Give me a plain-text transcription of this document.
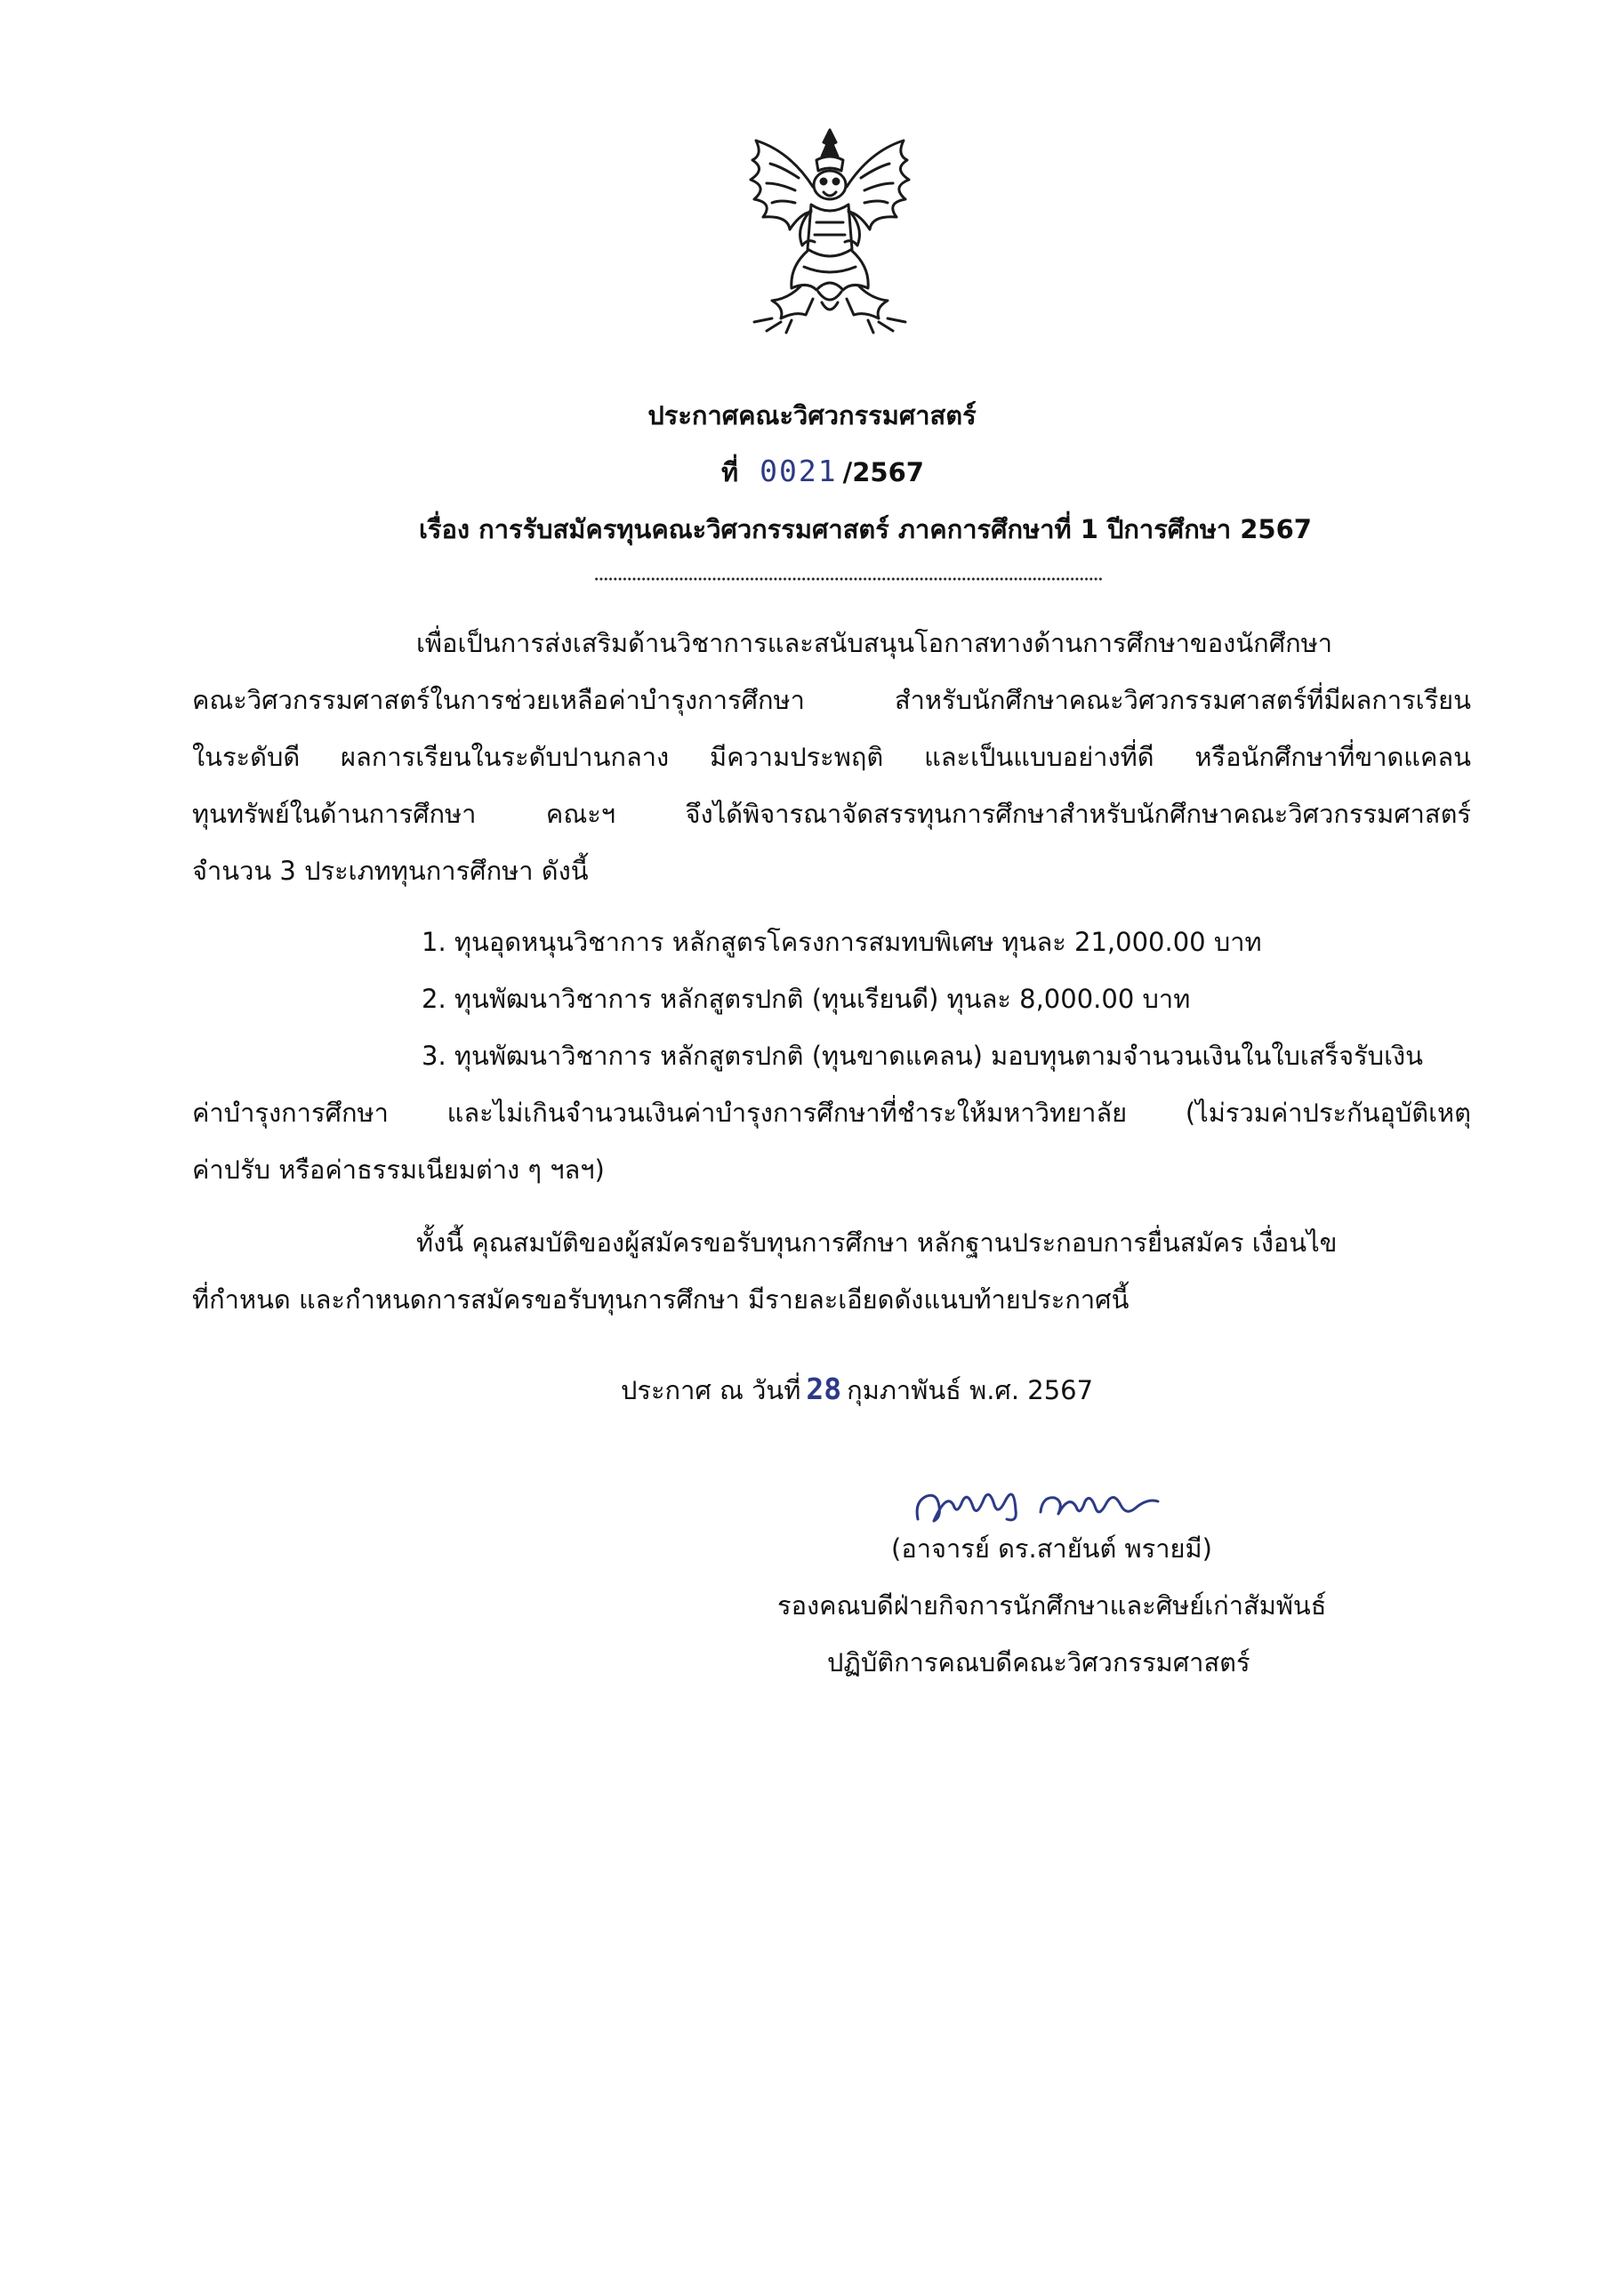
ประกาศคณะวิศวกรรมศาสตร์
ที่ 0021 /2567
เรื่อง การรับสมัครทุนคณะวิศวกรรมศาสตร์ ภาคการศึกษาที่ 1 ปีการศึกษา 2567
เพื่อเป็นการส่งเสริมด้านวิชาการและสนับสนุนโอกาสทางด้านการศึกษาของนักศึกษา
คณะวิศวกรรมศาสตร์ในการช่วยเหลือค่าบำรุงการศึกษา สำหรับนักศึกษาคณะวิศวกรรมศาสตร์ที่มีผลการเรียน
ในระดับดี ผลการเรียนในระดับปานกลาง มีความประพฤติ และเป็นแบบอย่างที่ดี หรือนักศึกษาที่ขาดแคลน
ทุนทรัพย์ในด้านการศึกษา คณะฯ จึงได้พิจารณาจัดสรรทุนการศึกษาสำหรับนักศึกษาคณะวิศวกรรมศาสตร์
จำนวน 3 ประเภททุนการศึกษา ดังนี้
1. ทุนอุดหนุนวิชาการ หลักสูตรโครงการสมทบพิเศษ ทุนละ 21,000.00 บาท
2. ทุนพัฒนาวิชาการ หลักสูตรปกติ (ทุนเรียนดี) ทุนละ 8,000.00 บาท
3. ทุนพัฒนาวิชาการ หลักสูตรปกติ (ทุนขาดแคลน) มอบทุนตามจำนวนเงินในใบเสร็จรับเงิน
ค่าบำรุงการศึกษา และไม่เกินจำนวนเงินค่าบำรุงการศึกษาที่ชำระให้มหาวิทยาลัย (ไม่รวมค่าประกันอุบัติเหตุ
ค่าปรับ หรือค่าธรรมเนียมต่าง ๆ ฯลฯ)
ทั้งนี้ คุณสมบัติของผู้สมัครขอรับทุนการศึกษา หลักฐานประกอบการยื่นสมัคร เงื่อนไข
ที่กำหนด และกำหนดการสมัครขอรับทุนการศึกษา มีรายละเอียดดังแนบท้ายประกาศนี้
ประกาศ ณ วันที่ 28 กุมภาพันธ์ พ.ศ. 2567
(อาจารย์ ดร.สายันต์ พรายมี)
รองคณบดีฝ่ายกิจการนักศึกษาและศิษย์เก่าสัมพันธ์
ปฏิบัติการคณบดีคณะวิศวกรรมศาสตร์
